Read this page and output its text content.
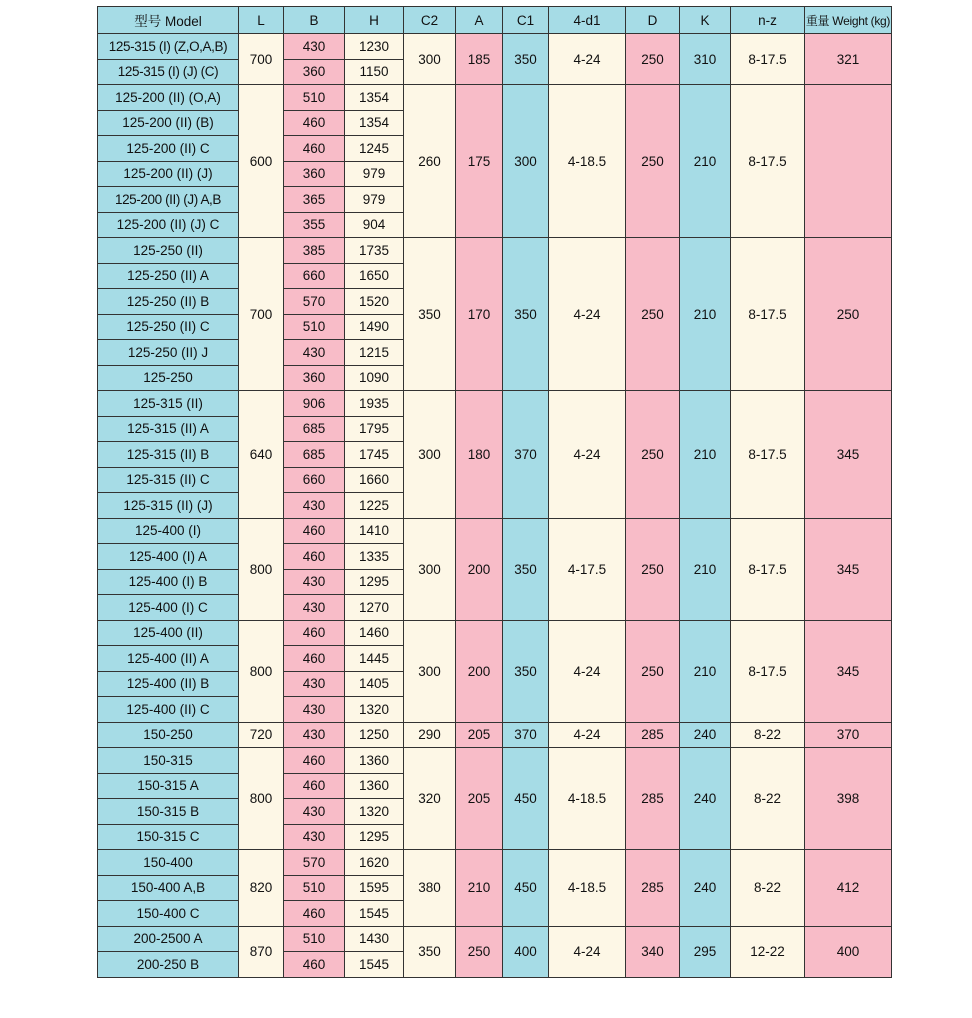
型号 Model	L	B	H	C2	A	C1	4-d1	D	K	n-z	重量 Weight (kg)
125-315 (I) (Z,O,A,B)	700	430	1230	300	185	350	4-24	250	310	8-17.5	321
125-315 (I) (J) (C)		360	1150								
125-200 (II) (O,A)	600	510	1354	260	175	300	4-18.5	250	210	8-17.5	
125-200 (II) (B)		460	1354								
125-200 (II) C		460	1245								
125-200 (II) (J)		360	979								
125-200 (II) (J) A,B		365	979								
125-200 (II) (J) C		355	904								
125-250 (II)	700	385	1735	350	170	350	4-24	250	210	8-17.5	250
125-250 (II) A		660	1650								
125-250 (II) B		570	1520								
125-250 (II) C		510	1490								
125-250 (II) J		430	1215								
125-250		360	1090								
125-315 (II)	640	906	1935	300	180	370	4-24	250	210	8-17.5	345
125-315 (II) A		685	1795								
125-315 (II) B		685	1745								
125-315 (II) C		660	1660								
125-315 (II) (J)		430	1225								
125-400 (I)	800	460	1410	300	200	350	4-17.5	250	210	8-17.5	345
125-400 (I) A		460	1335								
125-400 (I) B		430	1295								
125-400 (I) C		430	1270								
125-400 (II)	800	460	1460	300	200	350	4-24	250	210	8-17.5	345
125-400 (II) A		460	1445								
125-400 (II) B		430	1405								
125-400 (II) C		430	1320								
150-250	720	430	1250	290	205	370	4-24	285	240	8-22	370
150-315	800	460	1360	320	205	450	4-18.5	285	240	8-22	398
150-315 A		460	1360								
150-315 B		430	1320								
150-315 C		430	1295								
150-400	820	570	1620	380	210	450	4-18.5	285	240	8-22	412
150-400 A,B		510	1595								
150-400 C		460	1545								
200-2500 A	870	510	1430	350	250	400	4-24	340	295	12-22	400
200-250 B		460	1545								
